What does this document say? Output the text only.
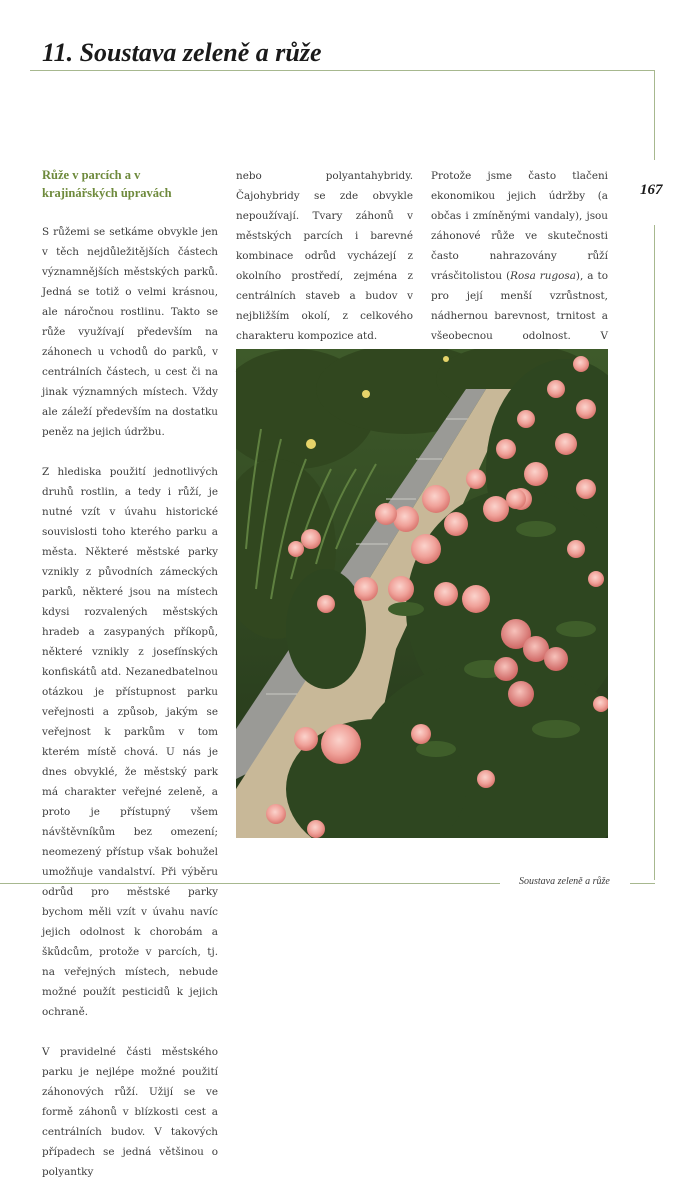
11. Soustava zeleně a růže
167
Růže v parcích a v krajinářských úpravách

S růžemi se setkáme obvykle jen v těch nejdůležitějších částech významnějších městských parků. Jedná se totiž o velmi krásnou, ale náročnou rostlinu. Takto se růže využívají především na záhonech u vchodů do parků, v centrálních částech, u cest či na jinak významných místech. Vždy ale záleží především na dostatku peněz na jejich údržbu.

Z hlediska použití jednotlivých druhů rostlin, a tedy i růží, je nutné vzít v úvahu historické souvislosti toho kterého parku a města. Některé městské parky vznikly z původních zámeckých parků, některé jsou na místech kdysi rozvalených městských hradeb a zasypaných příkopů, některé vznikly z josefínských konfiskátů atd. Nezanedbatelnou otázkou je přístupnost parku veřejnosti a způsob, jakým se veřejnost k parkům v tom kterém místě chová. U nás je dnes obvyklé, že městský park má charakter veřejné zeleně, a proto je přístupný všem návštěvníkům bez omezení; neomezený přístup však bohužel umožňuje vandalství. Při výběru odrůd pro městské parky bychom měli vzít v úvahu navíc jejich odolnost k chorobám a škůdcům, protože v parcích, tj. na veřejných místech, nebude možné použít pesticidů k jejich ochraně.

V pravidelné části městského parku je nejlépe možné použití záhonových růží. Užijí se ve formě záhonů v blízkosti cest a centrálních budov. V takových případech se jedná většinou o polyantky

nebo polyantahybridy. Čajohybridy se zde obvykle nepoužívají. Tvary záhonů v městských parcích i barevné kombinace odrůd vycházejí z okolního prostředí, zejména z centrálních staveb a budov v nejbližším okolí, z celkového charakteru kompozice atd.

Protože jsme často tlačeni ekonomikou jejich údržby (a občas i zmíněnými vandaly), jsou záhonové růže ve skutečnosti často nahrazovány růží vrásčitolistou (Rosa rugosa), a to pro její menší vzrůstnost, nádhernou barevnost, trnitost a všeobecnou odolnost. V

Soustava zeleně a růže
